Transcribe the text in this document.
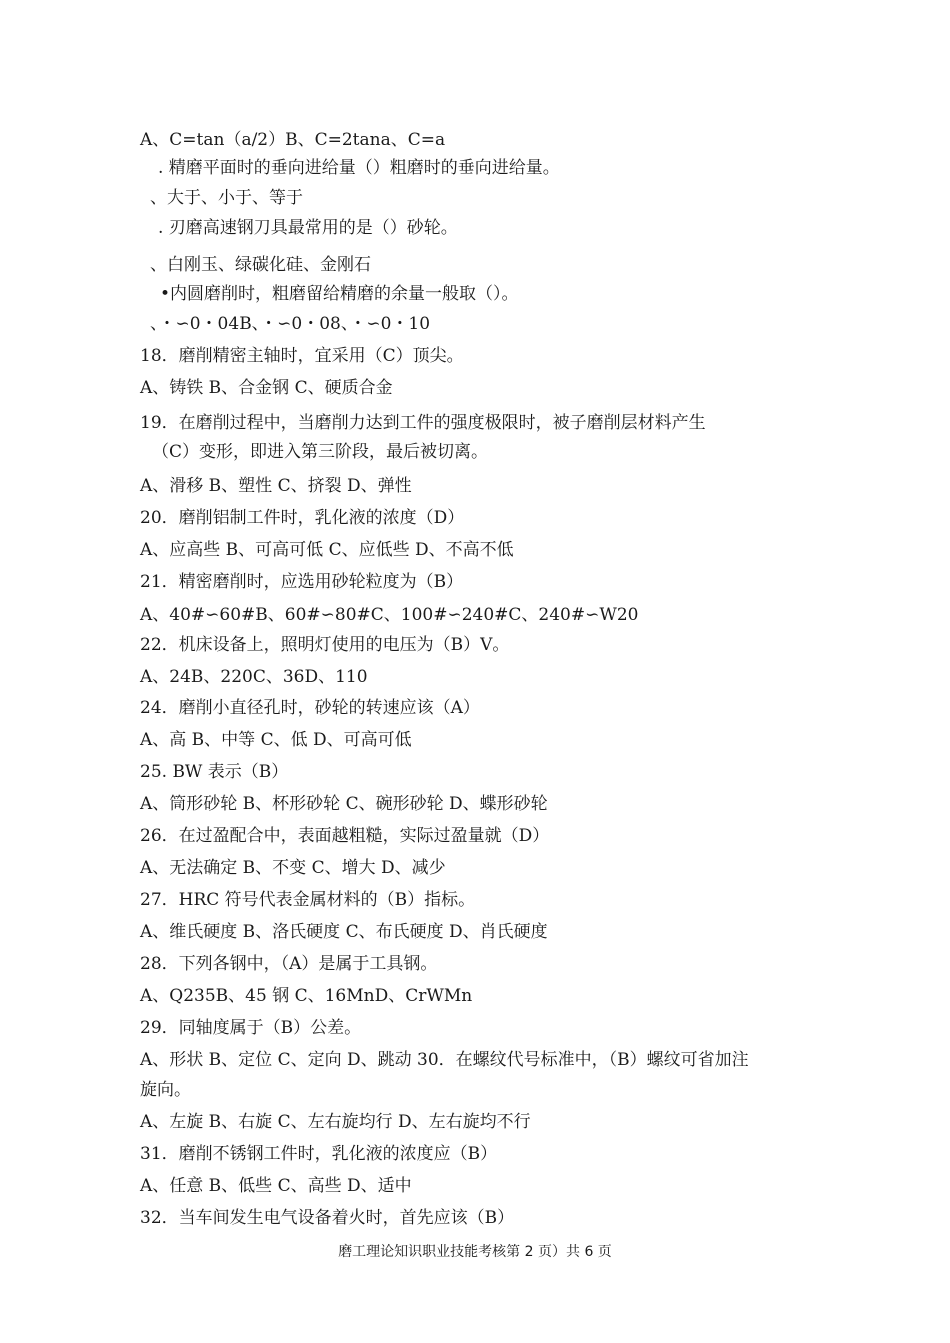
A、C=tan（a/2）B、C=2tana、C=a
. 精磨平面时的垂向进给量（）粗磨时的垂向进给量。
、大于、小于、等于
. 刃磨高速钢刀具最常用的是（）砂轮。
、白刚玉、绿碳化硅、金刚石
•内圆磨削时，粗磨留给精磨的余量一般取（）。
、・∽0・04B、・∽0・08、・∽0・10
18．磨削精密主轴时，宜采用（C）顶尖。
A、铸铁 B、合金钢 C、硬质合金
19．在磨削过程中，当磨削力达到工件的强度极限时，被子磨削层材料产生
（C）变形，即进入第三阶段，最后被切离。
A、滑移 B、塑性 C、挤裂 D、弹性
20．磨削铝制工件时，乳化液的浓度（D）
A、应高些 B、可高可低 C、应低些 D、不高不低
21．精密磨削时，应选用砂轮粒度为（B）
A、40#∽60#B、60#∽80#C、100#∽240#C、240#∽W20
22．机床设备上，照明灯使用的电压为（B）V。
A、24B、220C、36D、110
24．磨削小直径孔时，砂轮的转速应该（A）
A、高 B、中等 C、低 D、可高可低
25. BW 表示（B）
A、筒形砂轮 B、杯形砂轮 C、碗形砂轮 D、蝶形砂轮
26．在过盈配合中，表面越粗糙，实际过盈量就（D）
A、无法确定 B、不变 C、增大 D、减少
27．HRC 符号代表金属材料的（B）指标。
A、维氏硬度 B、洛氏硬度 C、布氏硬度 D、肖氏硬度
28．下列各钢中，（A）是属于工具钢。
A、Q235B、45 钢 C、16MnD、CrWMn
29．同轴度属于（B）公差。
A、形状 B、定位 C、定向 D、跳动 30．在螺纹代号标准中，（B）螺纹可省加注
旋向。
A、左旋 B、右旋 C、左右旋均行 D、左右旋均不行
31．磨削不锈钢工件时，乳化液的浓度应（B）
A、任意 B、低些 C、高些 D、适中
32．当车间发生电气设备着火时，首先应该（B）
磨工理论知识职业技能考核第 2 页）共 6 页
